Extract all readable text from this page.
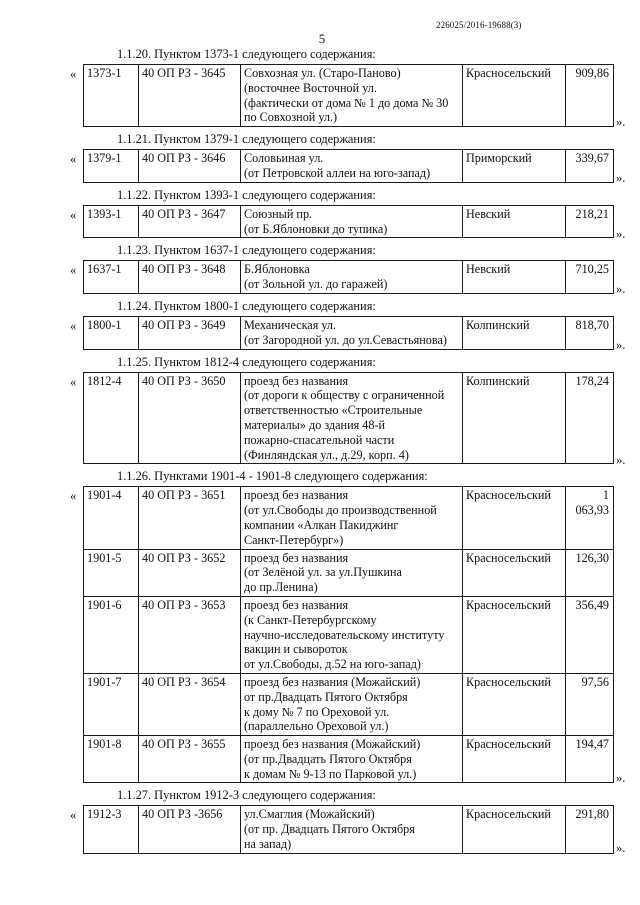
226025/2016-19688(3)
5
1.1.20. Пунктом 1373-1 следующего содержания:
« 1373-1	40 ОП РЗ - 3645	Совхозная ул. (Старо-Паново)
(восточнее Восточной ул.
(фактически от дома № 1 до дома № 30
по Совхозной ул.)
	Красносельский	909,86
».
1.1.21. Пунктом 1379-1 следующего содержания:
« 1379-1	40 ОП РЗ - 3646	Соловьиная ул.
(от Петровской аллеи на юго-запад)
	Приморский	339,67
».
1.1.22. Пунктом 1393-1 следующего содержания:
« 1393-1	40 ОП РЗ - 3647	Союзный пр.
(от Б.Яблоновки до тупика)
	Невский	218,21
».
1.1.23. Пунктом 1637-1 следующего содержания:
« 1637-1	40 ОП РЗ - 3648	Б.Яблоновка
(от Зольной ул. до гаражей)
	Невский	710,25
».
1.1.24. Пунктом 1800-1 следующего содержания:
« 1800-1	40 ОП РЗ - 3649	Механическая ул.
(от Загородной ул. до ул.Севастьянова)
	Колпинский	818,70
».
1.1.25. Пунктом 1812-4 следующего содержания:
« 1812-4	40 ОП РЗ - 3650	проезд без названия
(от дороги к обществу с ограниченной
ответственностью «Строительные
материалы» до здания 48-й
пожарно-спасательной части
(Финляндская ул., д.29, корп. 4)
	Колпинский	178,24
».
1.1.26. Пунктами 1901-4 - 1901-8 следующего содержания:
« 1901-4	40 ОП РЗ - 3651	проезд без названия
(от ул.Свободы до производственной
компании «Алкан Пакиджинг
Санкт-Петербург»)	Красносельский	1 063,93
1901-5	40 ОП РЗ - 3652	проезд без названия
(от Зелёной ул. за ул.Пушкина
до пр.Ленина)	Красносельский	126,30
1901-6	40 ОП РЗ - 3653	проезд без названия
(к Санкт-Петербургскому
научно-исследовательскому институту
вакцин и сывороток
от ул.Свободы, д.52 на юго-запад)	Красносельский	356,49
1901-7	40 ОП РЗ - 3654	проезд без названия (Можайский)
от пр.Двадцать Пятого Октября
к дому № 7 по Ореховой ул.
(параллельно Ореховой ул.)	Красносельский	97,56
1901-8	40 ОП РЗ - 3655	проезд без названия (Можайский)
(от пр.Двадцать Пятого Октября
к домам № 9-13 по Парковой ул.)	Красносельский	194,47
».
1.1.27. Пунктом 1912-3 следующего содержания:
« 1912-3	40 ОП РЗ -3656	ул.Смаглия (Можайский)
(от пр. Двадцать Пятого Октября
на запад)
	Красносельский	291,80
».
